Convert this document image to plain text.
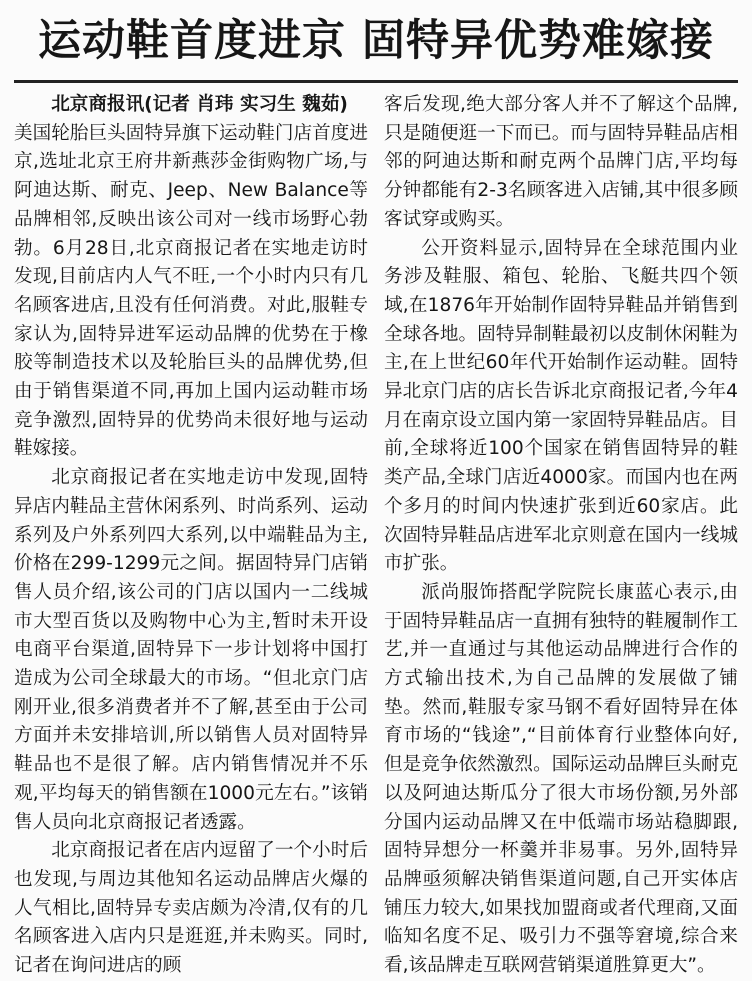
运动鞋首度进京 固特异优势难嫁接

北京商报讯(记者 肖玮 实习生 魏茹)

美国轮胎巨头固特异旗下运动鞋门店首度进京,选址北京王府井新燕莎金街购物广场,与阿迪达斯、耐克、Jeep、New Balance等品牌相邻,反映出该公司对一线市场野心勃勃。6月28日,北京商报记者在实地走访时发现,目前店内人气不旺,一个小时内只有几名顾客进店,且没有任何消费。对此,服鞋专家认为,固特异进军运动品牌的优势在于橡胶等制造技术以及轮胎巨头的品牌优势,但由于销售渠道不同,再加上国内运动鞋市场竞争激烈,固特异的优势尚未很好地与运动鞋嫁接。

北京商报记者在实地走访中发现,固特异店内鞋品主营休闲系列、时尚系列、运动系列及户外系列四大系列,以中端鞋品为主,价格在299-1299元之间。据固特异门店销售人员介绍,该公司的门店以国内一二线城市大型百货以及购物中心为主,暂时未开设电商平台渠道,固特异下一步计划将中国打造成为公司全球最大的市场。“但北京门店刚开业,很多消费者并不了解,甚至由于公司方面并未安排培训,所以销售人员对固特异鞋品也不是很了解。店内销售情况并不乐观,平均每天的销售额在1000元左右。”该销售人员向北京商报记者透露。

北京商报记者在店内逗留了一个小时后也发现,与周边其他知名运动品牌店火爆的人气相比,固特异专卖店颇为冷清,仅有的几名顾客进入店内只是逛逛,并未购买。同时,记者在询问进店的顾

客后发现,绝大部分客人并不了解这个品牌,只是随便逛一下而已。而与固特异鞋品店相邻的阿迪达斯和耐克两个品牌门店,平均每分钟都能有2-3名顾客进入店铺,其中很多顾客试穿或购买。

公开资料显示,固特异在全球范围内业务涉及鞋服、箱包、轮胎、飞艇共四个领域,在1876年开始制作固特异鞋品并销售到全球各地。固特异制鞋最初以皮制休闲鞋为主,在上世纪60年代开始制作运动鞋。固特异北京门店的店长告诉北京商报记者,今年4月在南京设立国内第一家固特异鞋品店。目前,全球将近100个国家在销售固特异的鞋类产品,全球门店近4000家。而国内也在两个多月的时间内快速扩张到近60家店。此次固特异鞋品店进军北京则意在国内一线城市扩张。

派尚服饰搭配学院院长康蓝心表示,由于固特异鞋品店一直拥有独特的鞋履制作工艺,并一直通过与其他运动品牌进行合作的方式输出技术,为自己品牌的发展做了铺垫。然而,鞋服专家马钢不看好固特异在体育市场的“钱途”,“目前体育行业整体向好,但是竞争依然激烈。国际运动品牌巨头耐克以及阿迪达斯瓜分了很大市场份额,另外部分国内运动品牌又在中低端市场站稳脚跟,固特异想分一杯羹并非易事。另外,固特异品牌亟须解决销售渠道问题,自己开实体店铺压力较大,如果找加盟商或者代理商,又面临知名度不足、吸引力不强等窘境,综合来看,该品牌走互联网营销渠道胜算更大”。
